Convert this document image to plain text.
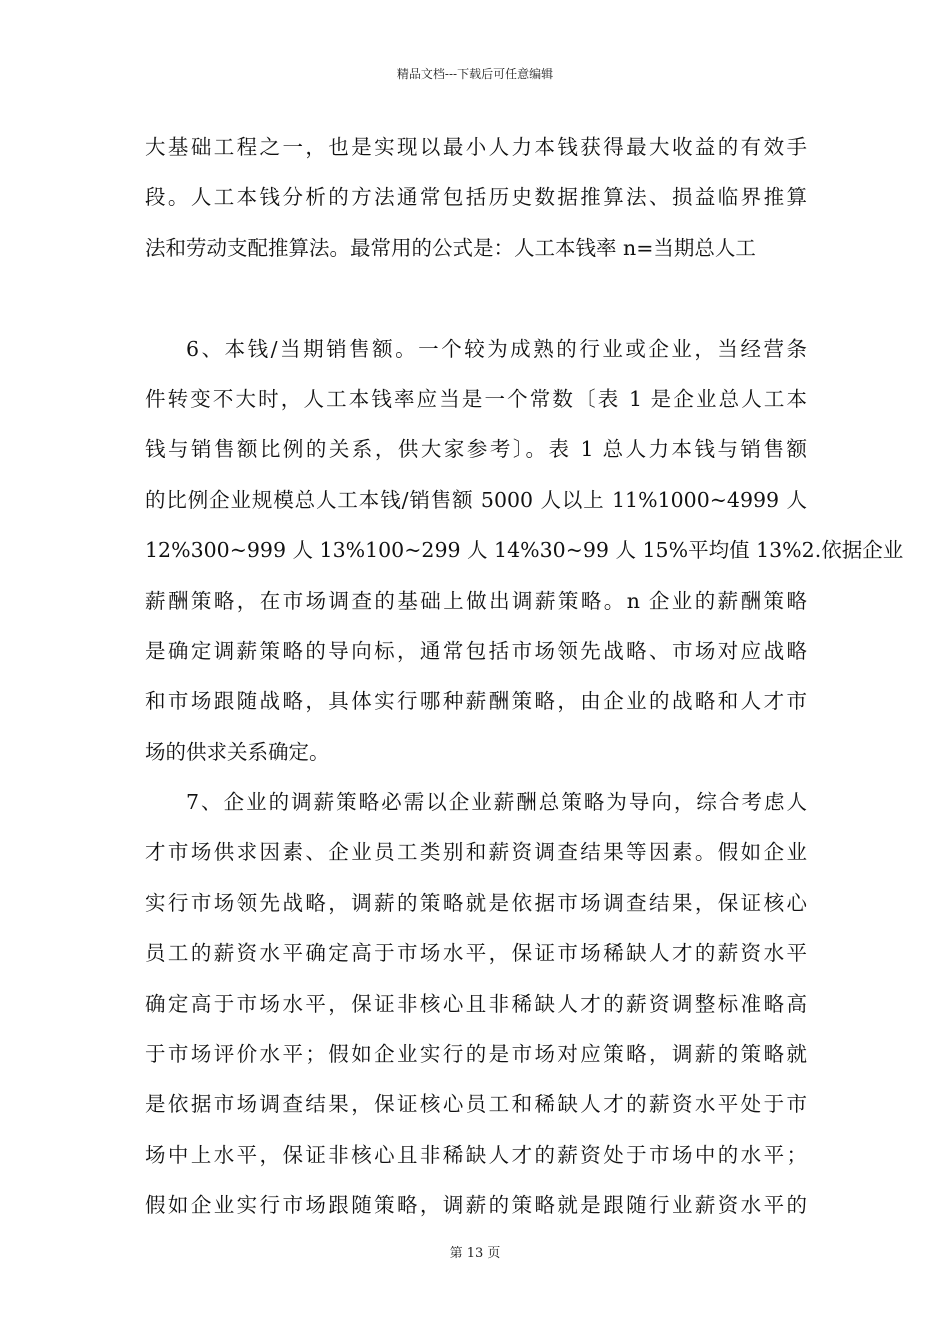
精品文档---下载后可任意编辑
大基础工程之一，也是实现以最小人力本钱获得最大收益的有效手
段。人工本钱分析的方法通常包括历史数据推算法、损益临界推算
法和劳动支配推算法。最常用的公式是：人工本钱率 n=当期总人工
6、本钱/当期销售额。一个较为成熟的行业或企业，当经营条
件转变不大时，人工本钱率应当是一个常数〔表 1 是企业总人工本
钱与销售额比例的关系，供大家参考〕。表 1 总人力本钱与销售额
的比例企业规模总人工本钱/销售额 5000 人以上 11%1000~4999 人
12%300~999 人 13%100~299 人 14%30~99 人 15%平均值 13%2.依据企业
薪酬策略，在市场调查的基础上做出调薪策略。n 企业的薪酬策略
是确定调薪策略的导向标，通常包括市场领先战略、市场对应战略
和市场跟随战略，具体实行哪种薪酬策略，由企业的战略和人才市
场的供求关系确定。
7、企业的调薪策略必需以企业薪酬总策略为导向，综合考虑人
才市场供求因素、企业员工类别和薪资调查结果等因素。假如企业
实行市场领先战略，调薪的策略就是依据市场调查结果，保证核心
员工的薪资水平确定高于市场水平，保证市场稀缺人才的薪资水平
确定高于市场水平，保证非核心且非稀缺人才的薪资调整标准略高
于市场评价水平；假如企业实行的是市场对应策略，调薪的策略就
是依据市场调查结果，保证核心员工和稀缺人才的薪资水平处于市
场中上水平，保证非核心且非稀缺人才的薪资处于市场中的水平；
假如企业实行市场跟随策略，调薪的策略就是跟随行业薪资水平的
第 13 页
